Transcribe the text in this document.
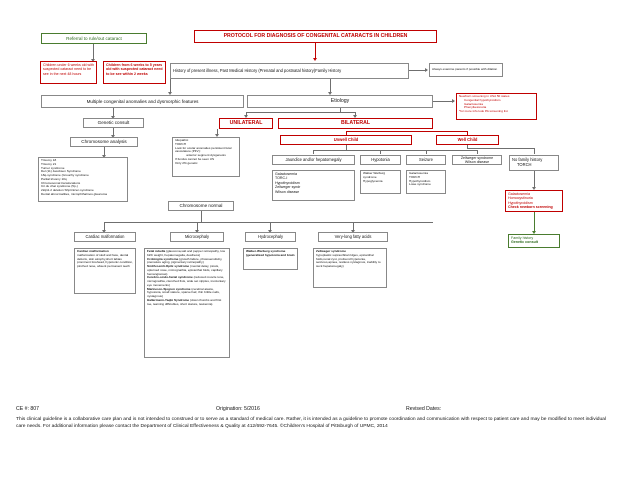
PROTOCOL FOR DIAGNOSIS OF CONGENITAL CATARACTS IN CHILDREN
Referral to rule/out cataract
Children under 6 weeks old with suspected cataract need to be see in the next 48 hours
Children from 6 weeks to 5 years old with suspected cataract need to be see within 2 weeks
History of present illness, Past Medical History (Prenatal and postnatal history)Family History	Always examine parents if possible with dilation
Multiple congenital anomalies and dysmorphic features	Etiology
Newborn screening in USA 50 states
• Congenital hypothyroidism
• Galactosemia
• Phenylketonuria
*for more info look PA screening list
Genetic consult	UNILATERAL	BILATERAL
Chromosome analysis
Trisomy 18
Trisomy 21
Turner syndrome
Del (11) Jacobsen Syndrome
18q-syndrome (Grouchy syndrome
Partial trisomy 10q
Chromosomal translocations
Cri du chat syndrome (5p-)
22q11.2 deletion Shprintzen syndrome
Dental abnormalities, microphthalmos glaucoma
Idiopathic
TORCH
Look for ocular anomalies persistent fetal vasculature (PFV):
anterior segment dysgenesis
If fundus cannot be seen US
Only 2% genetic
Chromosome normal
Unwell Child	Well Child
Jaundice and/or hepatomegaly	Hypotonia	Seizure	Zellweger syndrome Wilson disease
Galactosemia
TORC-I
Hypothyroidism
Zellweger syndr
Wilson disease
Walker Warburg syndrome
Hypoglycemia
Galactosemia
TORCH
Hypothyroidism
Lowe syndrome
No family history
• TORCH
Galactosemia
Homocystinuria
Hypothyroidism
Check newborn screening
Family history
Genetic consult
Cardiac malformation	Microcephaly	Hydrocephaly	Very-long fatty acids
Cardiac malformation
malformation of skull and face, dental defects, skin atrophy,short labias prominent forehead, hypotonic condition, pinched nose, absent permanent teeth
Fetal rubella (glaucoma,salt and pepper retinopathy, low birth weight, hepatomegalia, deafness)
Crobingria syndrome (growth failure, photosensitivity, premature aging, pigmentary retinopathy)
Smith-Lemli-Opitz syndrome (mental delay, ptosis, upturned nose, micrognathia, epicanthal folds, capillary hemangiomas)
Cerebro-oculo-facial syndrome (reduced muscle tone, micrognathia, clenched fists, wide set nipples, involuntary eye movements)
Marinesco-Sjogren syndrome (cerebral ataxia, hypotonia, small stature, sparse hair, thin brittle nails, nystagmus)
Hallermann-Yaqbi Syndrome (down thumbs and first toe, learning difficulties, short stature, leukemia)
Walker-Warburg syndrome (generalized hypotonia and brain
Zellweger syndrome
hypoplastic supraorbital ridges, epicanthal folds,renal cyst, profound hypotonia, seizures,apnea, restless nystagmus, inability to suck hepatomegaly)
CE #: 807	Origination: 5/2016	Revised Dates:
This clinical guideline is a collaborative care plan and is not intended to construed or to serve as a standard of medical care. Rather, it is intended as a guideline to promote coordination and communication with respect to patient care and may be modified to meet individual care needs. For additional information please contact the Department of Clinical Effectiveness & Quality at 412/692-7645. ©Children's Hospital of Pittsburgh of UPMC, 2014
